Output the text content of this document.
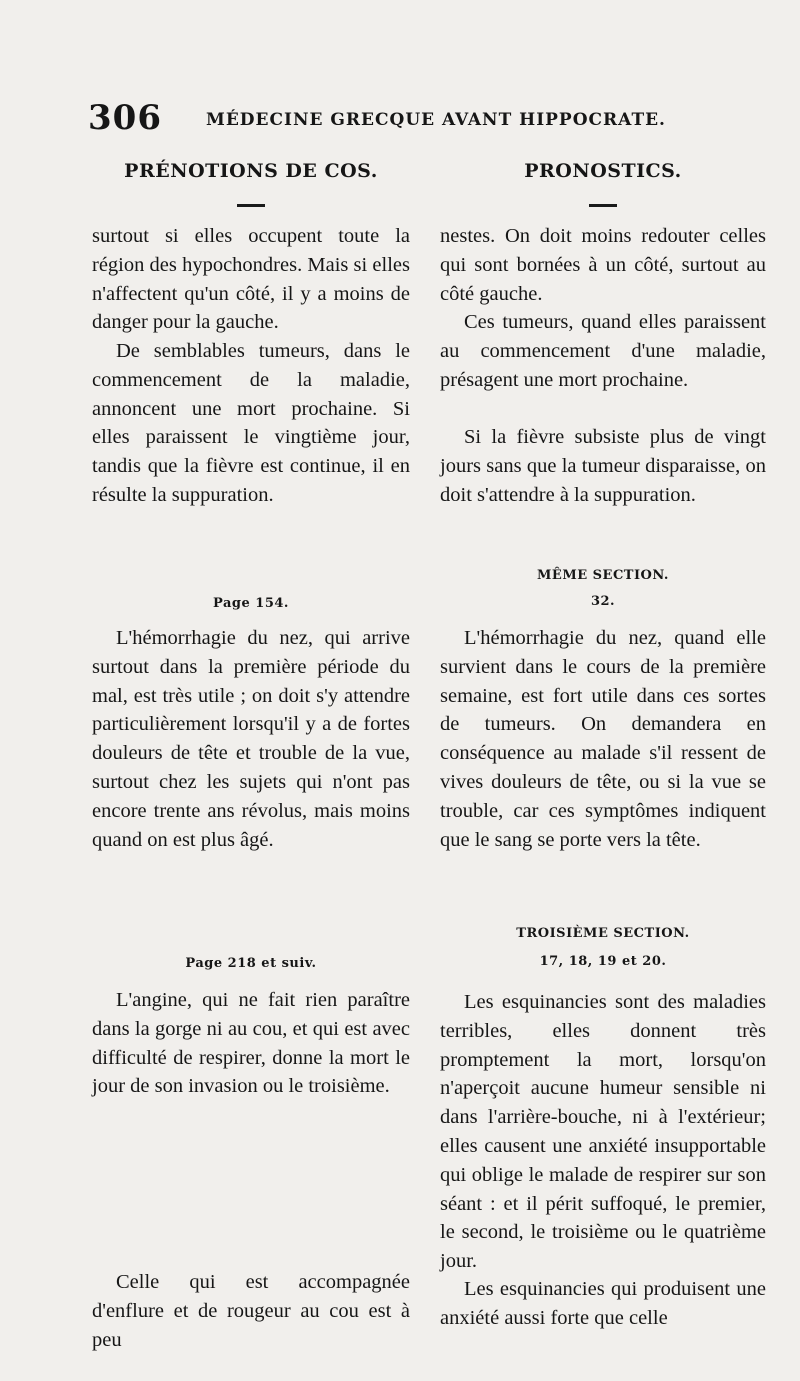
306	MÉDECINE GRECQUE AVANT HIPPOCRATE.
PRÉNOTIONS DE COS.

surtout si elles occupent toute la région des hypochondres. Mais si elles n'affectent qu'un côté, il y a moins de danger pour la gauche.

De semblables tumeurs, dans le commencement de la maladie, annoncent une mort prochaine. Si elles paraissent le vingtième jour, tandis que la fièvre est continue, il en résulte la suppuration.

Page 154.

L'hémorrhagie du nez, qui arrive surtout dans la première période du mal, est très utile ; on doit s'y attendre particulièrement lorsqu'il y a de fortes douleurs de tête et trouble de la vue, surtout chez les sujets qui n'ont pas encore trente ans révolus, mais moins quand on est plus âgé.

Page 218 et suiv.

L'angine, qui ne fait rien paraître dans la gorge ni au cou, et qui est avec difficulté de respirer, donne la mort le jour de son invasion ou le troisième.

Celle qui est accompagnée d'enflure et de rougeur au cou est à peu

PRONOSTICS.

nestes. On doit moins redouter celles qui sont bornées à un côté, surtout au côté gauche.

Ces tumeurs, quand elles paraissent au commencement d'une maladie, présagent une mort prochaine.

Si la fièvre subsiste plus de vingt jours sans que la tumeur disparaisse, on doit s'attendre à la suppuration.

MÊME SECTION.

32.

L'hémorrhagie du nez, quand elle survient dans le cours de la première semaine, est fort utile dans ces sortes de tumeurs. On demandera en conséquence au malade s'il ressent de vives douleurs de tête, ou si la vue se trouble, car ces symptômes indiquent que le sang se porte vers la tête.

TROISIÈME SECTION.

17, 18, 19 et 20.

Les esquinancies sont des maladies terribles, elles donnent très promptement la mort, lorsqu'on n'aperçoit aucune humeur sensible ni dans l'arrière-bouche, ni à l'extérieur; elles causent une anxiété insupportable qui oblige le malade de respirer sur son séant : et il périt suffoqué, le premier, le second, le troisième ou le quatrième jour.

Les esquinancies qui produisent une anxiété aussi forte que celle
